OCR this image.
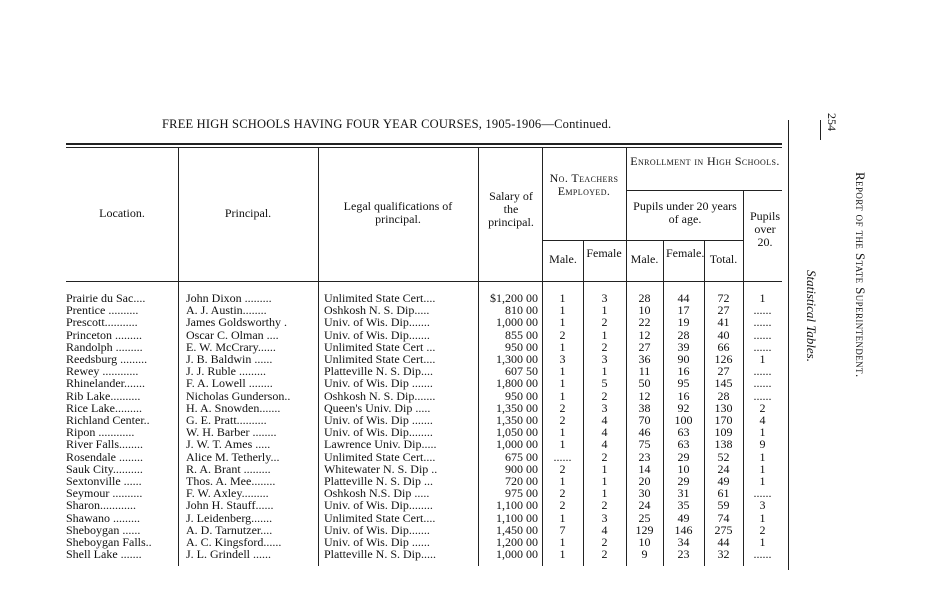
FREE HIGH SCHOOLS HAVING FOUR YEAR COURSES, 1905-1906—Continued.	254
Report of the State Superintendent.
Statistical Tables.
Location.	Principal.	Legal qualifications of principal.
Salary of the principal.
No. Teachers Employed.
Male. Female
Enrollment in High Schools.
Pupils under 20 years of age.
Male. Female. Total.
Pupils over 20.
Prairie du Sac....	John Dixon .........	Unlimited State Cert....	$1,200 00	1	3	28	44	72	1
Prentice ..........	A. J. Austin........	Oshkosh N. S. Dip.....	810 00	1	1	10	17	27	......
Prescott...........	James Goldsworthy .	Univ. of Wis. Dip.......	1,000 00	1	2	22	19	41	......
Princeton .........	Oscar C. Olman ....	Univ. of Wis. Dip.......	855 00	2	1	12	28	40	......
Randolph .........	E. W. McCrary......	Unlimited State Cert ...	950 00	1	2	27	39	66	......
Reedsburg .........	J. B. Baldwin ......	Unlimited State Cert....	1,300 00	3	3	36	90	126	1
Rewey ............	J. J. Ruble .........	Platteville N. S. Dip....	607 50	1	1	11	16	27	......
Rhinelander.......	F. A. Lowell ........	Univ. of Wis. Dip .......	1,800 00	1	5	50	95	145	......
Rib Lake..........	Nicholas Gunderson..	Oshkosh N. S. Dip.......	950 00	1	2	12	16	28	......
Rice Lake.........	H. A. Snowden.......	Queen's Univ. Dip .....	1,350 00	2	3	38	92	130	2
Richland Center..	G. E. Pratt..........	Univ. of Wis. Dip .......	1,350 00	2	4	70	100	170	4
Ripon ............	W. H. Barber ........	Univ. of Wis. Dip........	1,050 00	1	4	46	63	109	1
River Falls........	J. W. T. Ames .....	Lawrence Univ. Dip.....	1,000 00	1	4	75	63	138	9
Rosendale ........	Alice M. Tetherly...	Unlimited State Cert....	675 00	......	2	23	29	52	1
Sauk City..........	R. A. Brant .........	Whitewater N. S. Dip ..	900 00	2	1	14	10	24	1
Sextonville ......	Thos. A. Mee........	Platteville N. S. Dip ...	720 00	1	1	20	29	49	1
Seymour ..........	F. W. Axley.........	Oshkosh N.S. Dip .....	975 00	2	1	30	31	61	......
Sharon............	John H. Stauff......	Univ. of Wis. Dip........	1,100 00	2	2	24	35	59	3
Shawano .........	J. Leidenberg.......	Unlimited State Cert....	1,100 00	1	3	25	49	74	1
Sheboygan ......	A. D. Tarnutzer....	Univ. of Wis. Dip.......	1,450 00	7	4	129	146	275	2
Sheboygan Falls..	A. C. Kingsford......	Univ. of Wis. Dip ......	1,200 00	1	2	10	34	44	1
Shell Lake .......	J. L. Grindell ......	Platteville N. S. Dip.....	1,000 00	1	2	9	23	32	......
